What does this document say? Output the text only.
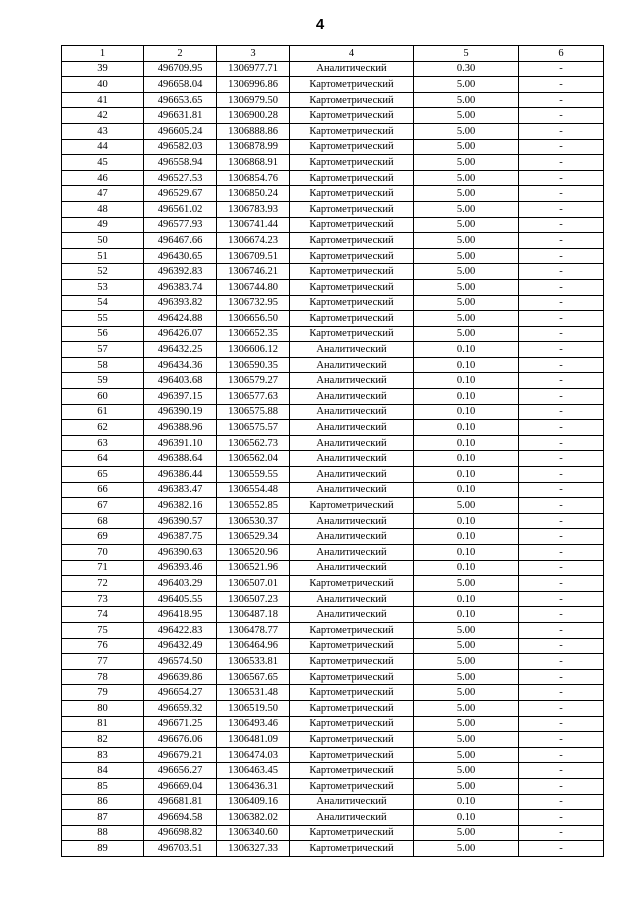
4
1	2	3	4	5	6
39	496709.95	1306977.71	Аналитический	0.30	-
40	496658.04	1306996.86	Картометрический	5.00	-
41	496653.65	1306979.50	Картометрический	5.00	-
42	496631.81	1306900.28	Картометрический	5.00	-
43	496605.24	1306888.86	Картометрический	5.00	-
44	496582.03	1306878.99	Картометрический	5.00	-
45	496558.94	1306868.91	Картометрический	5.00	-
46	496527.53	1306854.76	Картометрический	5.00	-
47	496529.67	1306850.24	Картометрический	5.00	-
48	496561.02	1306783.93	Картометрический	5.00	-
49	496577.93	1306741.44	Картометрический	5.00	-
50	496467.66	1306674.23	Картометрический	5.00	-
51	496430.65	1306709.51	Картометрический	5.00	-
52	496392.83	1306746.21	Картометрический	5.00	-
53	496383.74	1306744.80	Картометрический	5.00	-
54	496393.82	1306732.95	Картометрический	5.00	-
55	496424.88	1306656.50	Картометрический	5.00	-
56	496426.07	1306652.35	Картометрический	5.00	-
57	496432.25	1306606.12	Аналитический	0.10	-
58	496434.36	1306590.35	Аналитический	0.10	-
59	496403.68	1306579.27	Аналитический	0.10	-
60	496397.15	1306577.63	Аналитический	0.10	-
61	496390.19	1306575.88	Аналитический	0.10	-
62	496388.96	1306575.57	Аналитический	0.10	-
63	496391.10	1306562.73	Аналитический	0.10	-
64	496388.64	1306562.04	Аналитический	0.10	-
65	496386.44	1306559.55	Аналитический	0.10	-
66	496383.47	1306554.48	Аналитический	0.10	-
67	496382.16	1306552.85	Картометрический	5.00	-
68	496390.57	1306530.37	Аналитический	0.10	-
69	496387.75	1306529.34	Аналитический	0.10	-
70	496390.63	1306520.96	Аналитический	0.10	-
71	496393.46	1306521.96	Аналитический	0.10	-
72	496403.29	1306507.01	Картометрический	5.00	-
73	496405.55	1306507.23	Аналитический	0.10	-
74	496418.95	1306487.18	Аналитический	0.10	-
75	496422.83	1306478.77	Картометрический	5.00	-
76	496432.49	1306464.96	Картометрический	5.00	-
77	496574.50	1306533.81	Картометрический	5.00	-
78	496639.86	1306567.65	Картометрический	5.00	-
79	496654.27	1306531.48	Картометрический	5.00	-
80	496659.32	1306519.50	Картометрический	5.00	-
81	496671.25	1306493.46	Картометрический	5.00	-
82	496676.06	1306481.09	Картометрический	5.00	-
83	496679.21	1306474.03	Картометрический	5.00	-
84	496656.27	1306463.45	Картометрический	5.00	-
85	496669.04	1306436.31	Картометрический	5.00	-
86	496681.81	1306409.16	Аналитический	0.10	-
87	496694.58	1306382.02	Аналитический	0.10	-
88	496698.82	1306340.60	Картометрический	5.00	-
89	496703.51	1306327.33	Картометрический	5.00	-
